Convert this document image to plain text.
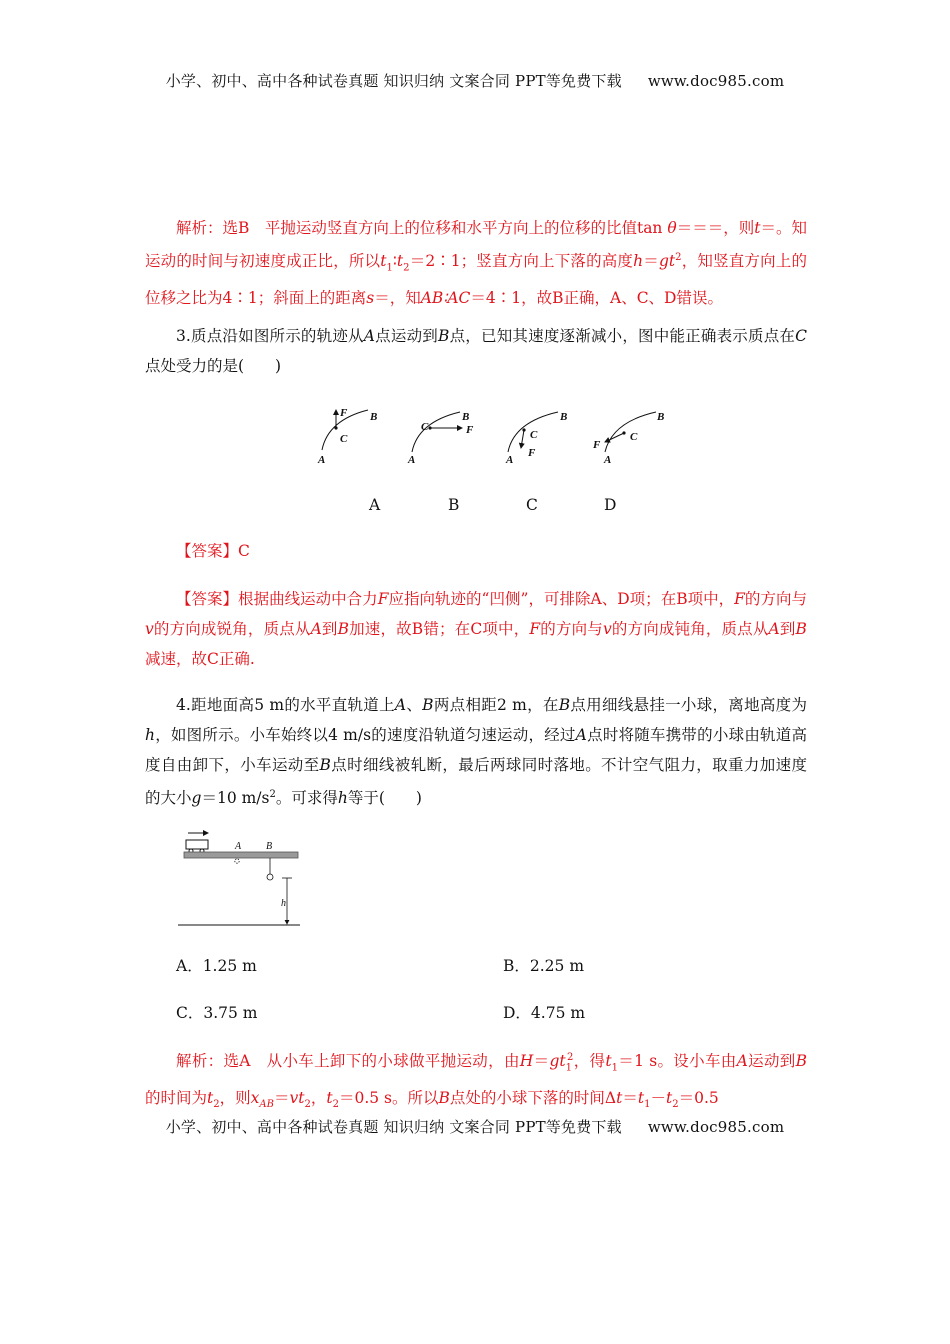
小学、初中、高中各种试卷真题 知识归纳 文案合同 PPT等免费下载 www.doc985.com
解析：选B　平抛运动竖直方向上的位移和水平方向上的位移的比值tan θ＝＝＝，则t＝。知运动的时间与初速度成正比，所以$t_1∶t_2=2∶1$；竖直方向上下落的高度$h=gt^2$，知竖直方向上的位移之比为4∶1；斜面上的距离s＝，知AB∶AC＝4∶1，故B正确，A、C、D错误。
3.质点沿如图所示的轨迹从A点运动到B点，已知其速度逐渐减小，图中能正确表示质点在C点处受力的是(　　)
F B
C
A
C
B
F
A
C
B
F
A
C
B
F
A
A	B	C	D
【答案】C
【答案】根据曲线运动中合力F应指向轨迹的“凹侧”，可排除A、D项；在B项中，F的方向与v的方向成锐角，质点从A到B加速，故B错；在C项中，F的方向与v的方向成钝角，质点从A到B减速，故C正确.
4.距地面高5 m的水平直轨道上A、B两点相距2 m，在B点用细线悬挂一小球，离地高度为h，如图所示。小车始终以4 m/s的速度沿轨道匀速运动，经过A点时将随车携带的小球由轨道高度自由卸下，小车运动至B点时细线被轧断，最后两球同时落地。不计空气阻力，取重力加速度的大小g＝10 $m/s^2$。可求得h等于(　　)
A B
h
A．1.25 m	B．2.25 m
C．3.75 m	D．4.75 m
解析：选A　从小车上卸下的小球做平抛运动，由$H=gt_1^2$，得$t_1=1$ s。设小车由A运动到B的时间为$t_2$，则$x_{AB}=vt_2$，$t_2=0.5$ s。所以B点处的小球下落的时间$\Delta t=t_1-t_2=0.5$
小学、初中、高中各种试卷真题 知识归纳 文案合同 PPT等免费下载 www.doc985.com
